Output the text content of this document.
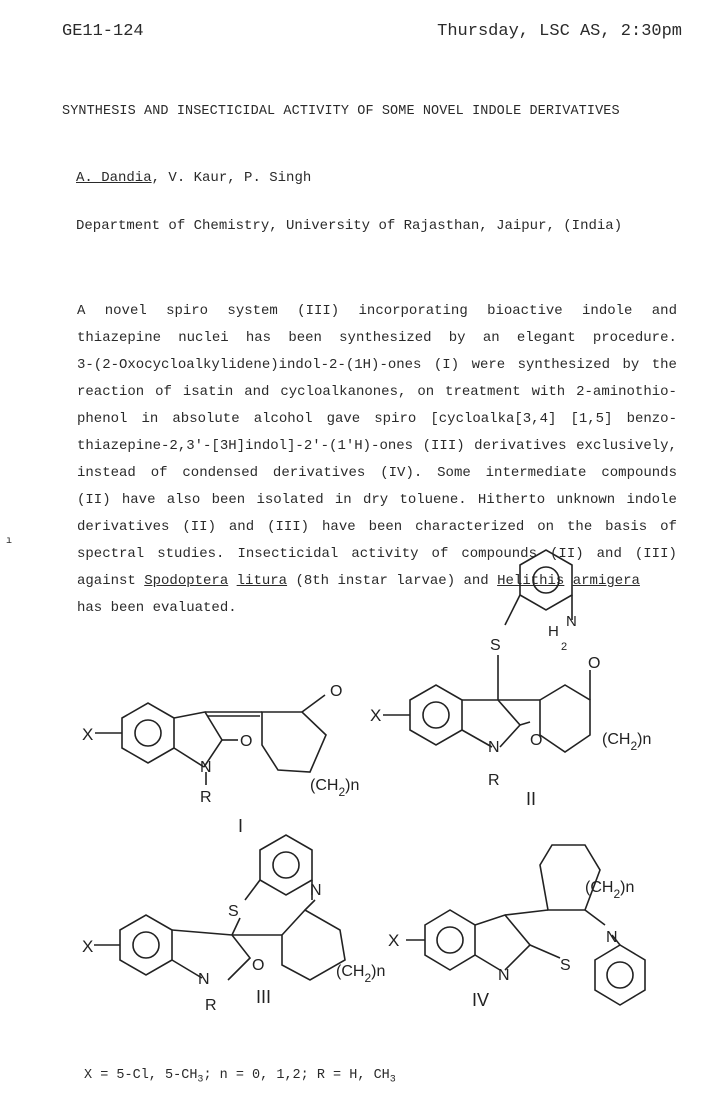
GE11-124	Thursday, LSC AS, 2:30pm
SYNTHESIS AND INSECTICIDAL ACTIVITY OF SOME NOVEL INDOLE DERIVATIVES
A. Dandia, V. Kaur, P. Singh
Department of Chemistry, University of Rajasthan, Jaipur, (India)
ı
A novel spiro system (III) incorporating bioactive indole and
thiazepine nuclei has been synthesized by an elegant procedure.
3-(2-Oxocycloalkylidene)indol-2-(1H)-ones (I) were synthesized by the
reaction of isatin and cycloalkanones, on treatment with 2-aminothio-
phenol in absolute alcohol gave spiro [cycloalka[3,4] [1,5] benzo-
thiazepine-2,3'-[3H]indol]-2'-(1'H)-ones (III) derivatives exclusively,
instead of condensed derivatives (IV). Some intermediate compounds
(II) have also been isolated in dry toluene. Hitherto unknown indole
derivatives (II) and (III) have been characterized on the basis of
spectral studies. Insecticidal activity of compounds (II) and (III)
against
Spodoptera
litura
(8th instar larvae) and
Helithis
armigera
has been evaluated.
X
N
O
R
O
$(CH_2)n$
I
X
S
H
N
2
O
N O
R
$(CH_2)n$
II
X
S
N
N
O
R
$(CH_2)n$
III
X
N
S
N
$(CH_2)n$
IV
X = 5-Cl, $5-CH_3$; n = 0, 1,2; R = H, $CH_3$
